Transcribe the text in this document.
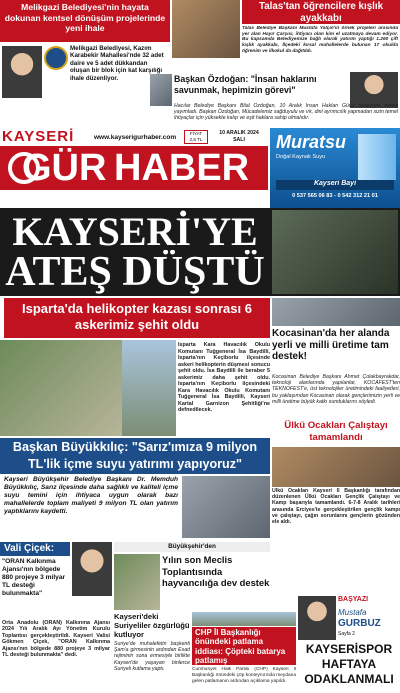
Melikgazi Belediyesi'nin hayata dokunan kentsel dönüşüm projelerinde yeni ihale
Melikgazi Belediyesi, Kazım Karabekir Mahallesi'nde 32 adet daire ve 5 adet dükkandan oluşan bir blok için kat karşılığı ihale düzenliyor.
Talas'tan öğrencilere kışlık ayakkabı
Talas Belediye Başkanı Mustafa Yalçın'ın örnek projeleri arasında yer alan Hayır Çarşısı, ihtiyacı olan kim el uzatmaya devam ediyor. Bu kapsamda Belediyemize bağlı olarak yatırım yaptığı 1.260 çift kışlık ayakkabı, İlçedeki kırsal mahallelerde bulunan 17 okulda öğrenim ve ilkokul da dağıtıldı.
Başkan Özdoğan: "İnsan haklarını savunmak, hepimizin görevi"
Hacılar Belediye Başkanı Bilal Özdoğan, 10 Aralık İnsan Hakları Günü nedeniyle mesaj yayımladı. Başkan Özdoğan, Mücadelemiz sağduyulu ve ırk, dini ayrımcılık yapmadan sizin temel ihtiyaçlar için yüksekte kalıp ve eşit haklara sahip olmalıdır.
KAYSERİ	www.kayserigurhaber.com
FİYAT
2,5 TL
10 ARALIK 2024
SALI
GÜR HABER
Muratsu
Doğal Kaynak Suyu
Kayseri Bayi
0 537 565 06 83 - 0 542 312 21 01
KAYSERİ'YE
ATEŞ DÜŞTÜ
Isparta'da helikopter kazası sonrası 6 askerimiz şehit oldu
Isparta Kara Havacılık Okulu Komutanı Tuğgeneral İsa Baydilli, Isparta'nın Keçiborlu ilçesinde askeri helikopterin düşmesi sonucu şehit oldu. İsa Baydilli ile beraber 5 askerimiz daha şehit oldu. Isparta'nın Keçiborlu ilçesindeki Kara Havacılık Okulu Komutanı Tuğgeneral İsa Baydilli, Kayseri Kartal Garnizon Şehitliği'ne defnedilecek.
Kocasinan'da her alanda yerli ve milli üretime tam destek!
Kocasinan Belediye Başkanı Ahmet Çolakbayrakdar, teknoloji alanlarında yapılanlar, KOCAFEST'ten TEKNOFEST'e, üst teknolojiler üretimindeki faaliyetleri, bu yaklaşımdan Kocasinan olarak gençlerimizin yerli ve milli üretime büyük katkı sunduklarını söyledi.
Ülkü Ocakları Çalıştayı tamamlandı
Ülkü Ocakları Kayseri İl Başkanlığı tarafından düzenlenen Ülkü Ocakları Gençlik Çalıştayı ve Kamp başarıyla tamamlandı. 6-7-8 Aralık tarihleri arasında Erciyes'te gerçekleştirilen gençlik kampı ve çalıştayı, çağın sorunlarını gençlerin gözünden ele aldı.
Başkan Büyükkılıç: "Sarız'ımıza 9 milyon TL'lik içme suyu yatırımı yapıyoruz"
Kayseri Büyükşehir Belediye Başkanı Dr. Memduh Büyükkılıç, Sarız ilçesinde daha sağlıklı ve kaliteli içme suyu temini için ihtiyaca uygun olarak bazı mahallelerde toplam maliyeti 9 milyon TL olan yatırım yaptıklarını kaydetti.
Vali Çiçek:
"ORAN Kalkınma Ajansı'nın bölgede 880 projeye 3 milyar TL desteği bulunmakta"
Orta Anadolu (ORAN) Kalkınma Ajansı 2024 Yılı Aralık Ayı Yönetim Kurulu Toplantısı gerçekleştirildi. Kayseri Valisi Gökmen Çiçek, "ORAN Kalkınma Ajansı'nın bölgede 880 projeye 3 milyar TL desteği bulunmakta" dedi.
Büyükşehir'den
Yılın son Meclis Toplantısında hayvancılığa dev destek
Kayseri'deki Suriyeliler özgürlüğü kutluyor
Suriye'de muhalefetin başkenti Şam'a girmesinin ardından Esad rejiminin sona ermesiyle birlikte Kayseri'de yaşayan binlerce Suriyeli kutlama yaptı.
CHP İl Başkanlığı önündeki patlama iddiası: Çöpteki batarya patlamış
Cumhuriyet Halk Partisi (CHP) Kayseri İl Başkanlığı önündeki çöp konteynırında meydana gelen patlamanın ardından açıklama yapıldı.
BAŞYAZI
Mustafa
GÜRBÜZ
Sayfa 2
KAYSERİSPOR HAFTAYA ODAKLANMALI
